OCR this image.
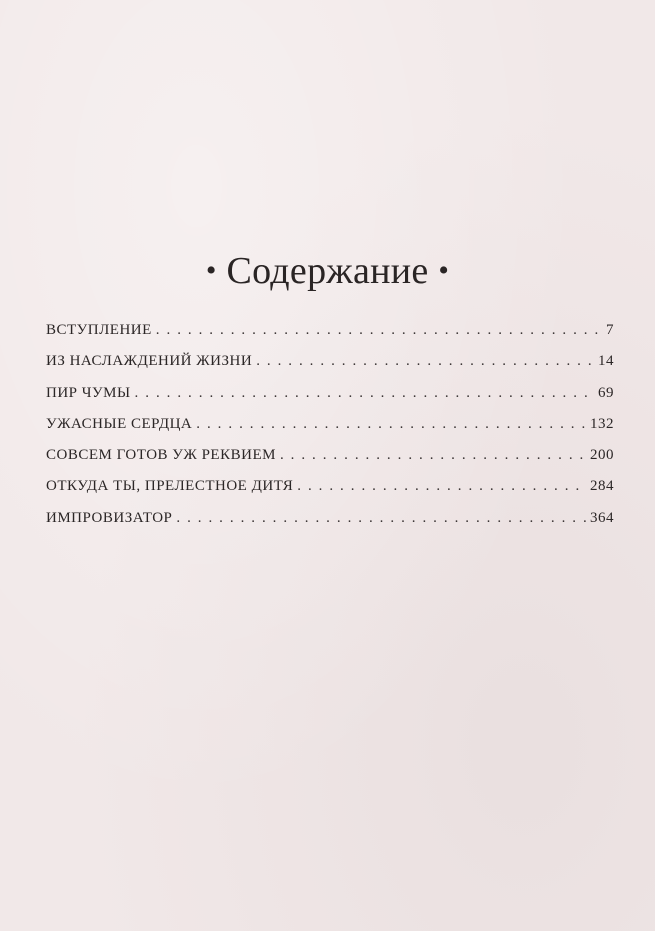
• Содержание •
ВСТУПЛЕНИЕ . . .	7
ИЗ НАСЛАЖДЕНИЙ ЖИЗНИ . . .	14
ПИР ЧУМЫ . . .	69
УЖАСНЫЕ СЕРДЦА . . .	132
СОВСЕМ ГОТОВ УЖ РЕКВИЕМ . . .	200
ОТКУДА ТЫ, ПРЕЛЕСТНОЕ ДИТЯ . . .	284
ИМПРОВИЗАТОР . . .	364
